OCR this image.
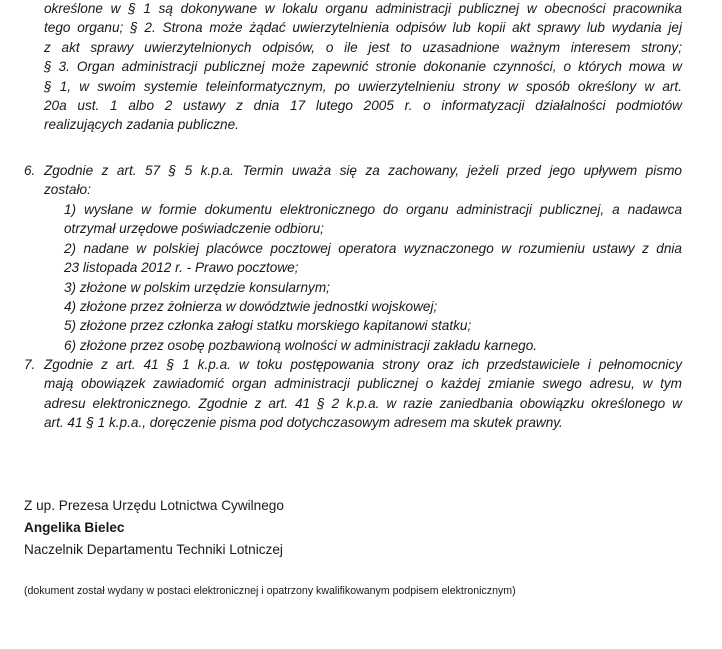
określone w § 1 są dokonywane w lokalu organu administracji publicznej w obecności pracownika
tego organu; § 2. Strona może żądać uwierzytelnienia odpisów lub kopii akt sprawy lub wydania jej
z akt sprawy uwierzytelnionych odpisów, o ile jest to uzasadnione ważnym interesem strony;
§ 3. Organ administracji publicznej może zapewnić stronie dokonanie czynności, o których mowa w
§ 1, w swoim systemie teleinformatycznym, po uwierzytelnieniu strony w sposób określony w art.
20a ust. 1 albo 2 ustawy z dnia 17 lutego 2005 r. o informatyzacji działalności podmiotów
realizujących zadania publiczne.
6. Zgodnie z art. 57 § 5 k.p.a. Termin uważa się za zachowany, jeżeli przed jego upływem pismo
zostało:
1) wysłane w formie dokumentu elektronicznego do organu administracji publicznej, a nadawca
otrzymał urzędowe poświadczenie odbioru;
2) nadane w polskiej placówce pocztowej operatora wyznaczonego w rozumieniu ustawy z dnia
23 listopada 2012 r. - Prawo pocztowe;
3) złożone w polskim urzędzie konsularnym;
4) złożone przez żołnierza w dowództwie jednostki wojskowej;
5) złożone przez członka załogi statku morskiego kapitanowi statku;
6) złożone przez osobę pozbawioną wolności w administracji zakładu karnego.
7. Zgodnie z art. 41 § 1 k.p.a. w toku postępowania strony oraz ich przedstawiciele i pełnomocnicy
mają obowiązek zawiadomić organ administracji publicznej o każdej zmianie swego adresu, w tym
adresu elektronicznego. Zgodnie z art. 41 § 2 k.p.a. w razie zaniedbania obowiązku określonego w
art. 41 § 1 k.p.a., doręczenie pisma pod dotychczasowym adresem ma skutek prawny.
Z up. Prezesa Urzędu Lotnictwa Cywilnego
Angelika Bielec
Naczelnik Departamentu Techniki Lotniczej
(dokument został wydany w postaci elektronicznej i opatrzony kwalifikowanym podpisem elektronicznym)
